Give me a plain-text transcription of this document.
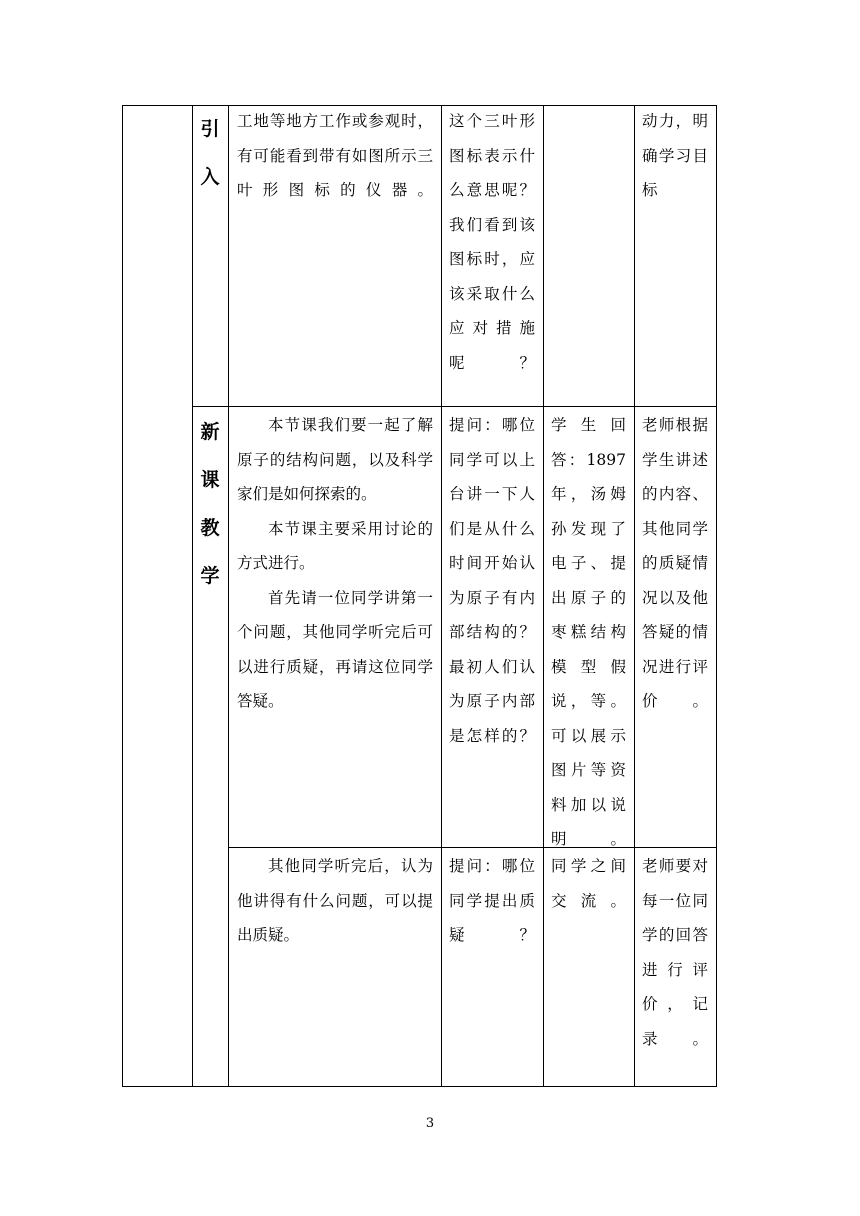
引
入
工地等地方工作或参观时，有可能看到带有如图所示三叶形图标的仪器。
这个三叶形图标表示什么意思呢？我们看到该图标时，应该采取什么应对措施呢？
动力，明确学习目标
新
课
教
学

本节课我们要一起了解原子的结构问题，以及科学家们是如何探索的。

本节课主要采用讨论的方式进行。

首先请一位同学讲第一个问题，其他同学听完后可以进行质疑，再请这位同学答疑。

提问：哪位同学可以上台讲一下人们是从什么时间开始认为原子有内部结构的？最初人们认为原子内部是怎样的？
学生回答：1897年，汤姆孙发现了电子、提出原子的枣糕结构模型假说，等。可以展示图片等资料加以说明。
老师根据学生讲述的内容、其他同学的质疑情况以及他答疑的情况进行评价。
其他同学听完后，认为他讲得有什么问题，可以提出质疑。
提问：哪位同学提出质疑？
同学之间交流。
老师要对每一位同学的回答进行评价，记录。
3
